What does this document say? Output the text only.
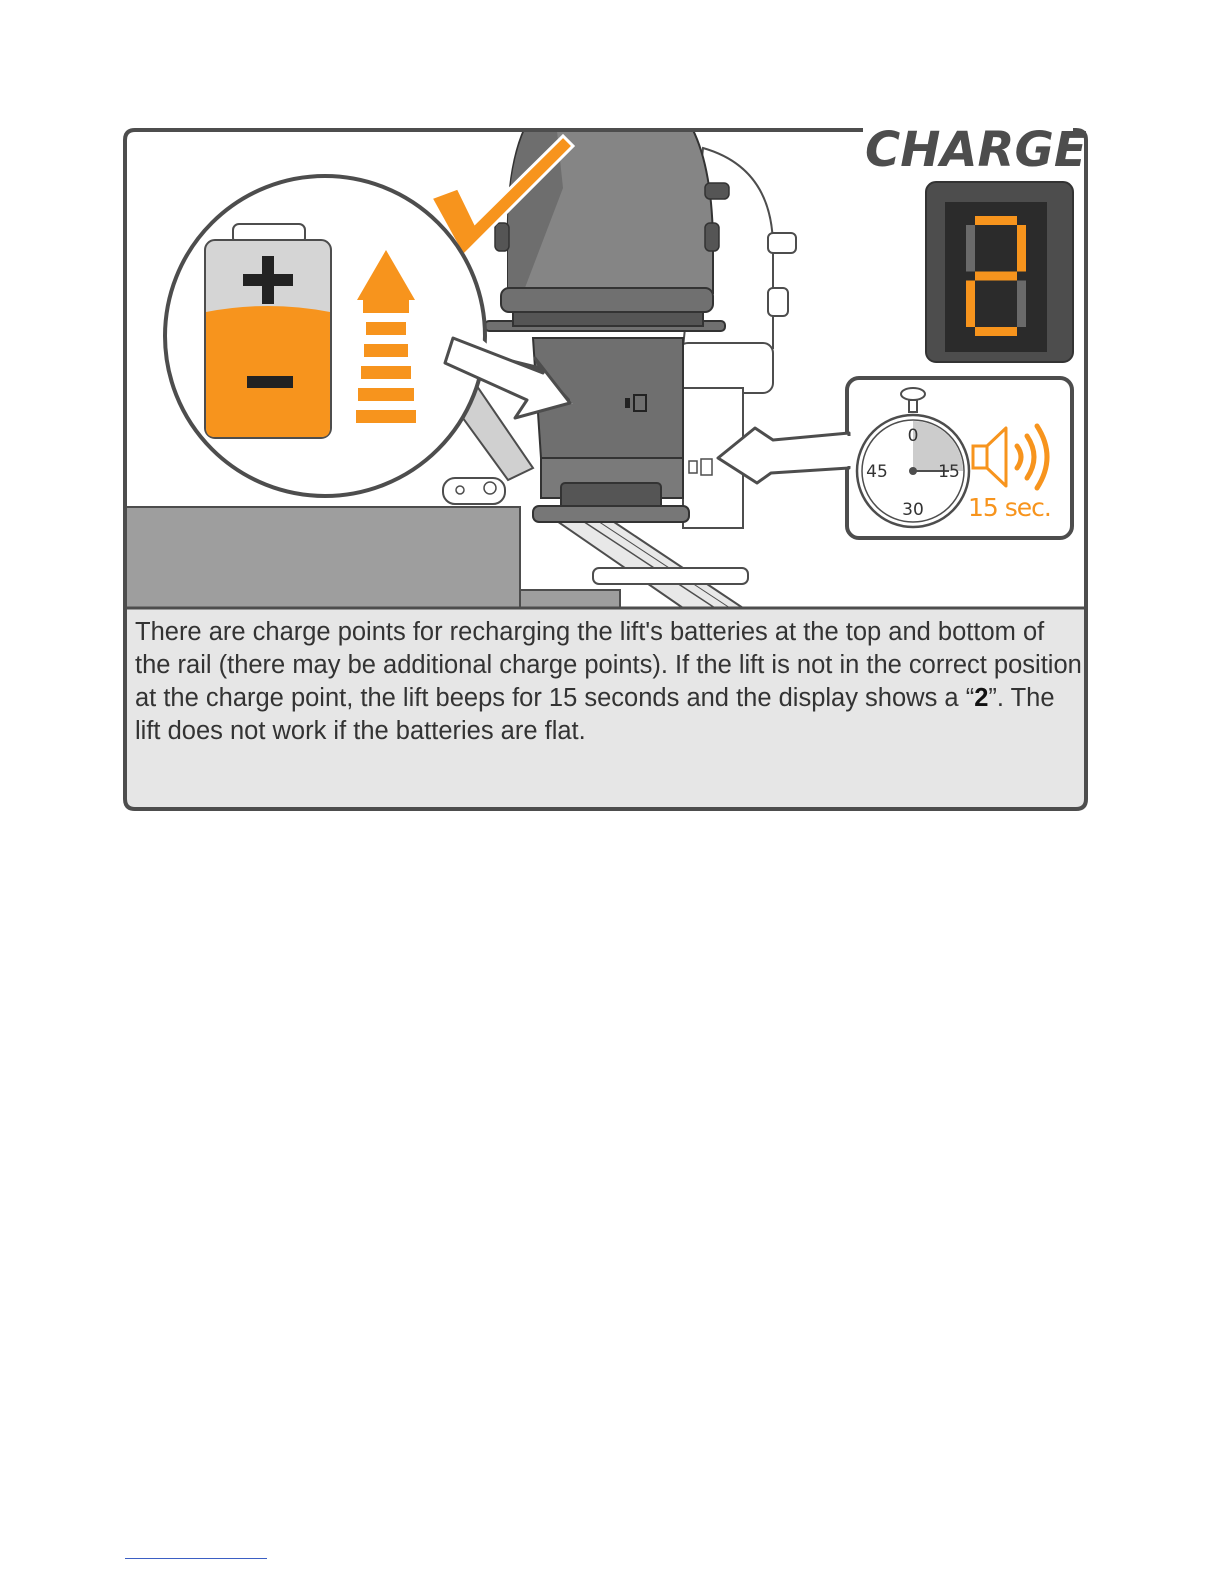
CHARGE
0
15
30
45
15 sec.

There are charge points for recharging the lift's batteries at the top and bottom of the rail (there may be additional charge points). If the lift is not in the correct position at the charge point, the lift beeps for 15 seconds and the display shows a “2”. The lift does not work if the batteries are flat.
